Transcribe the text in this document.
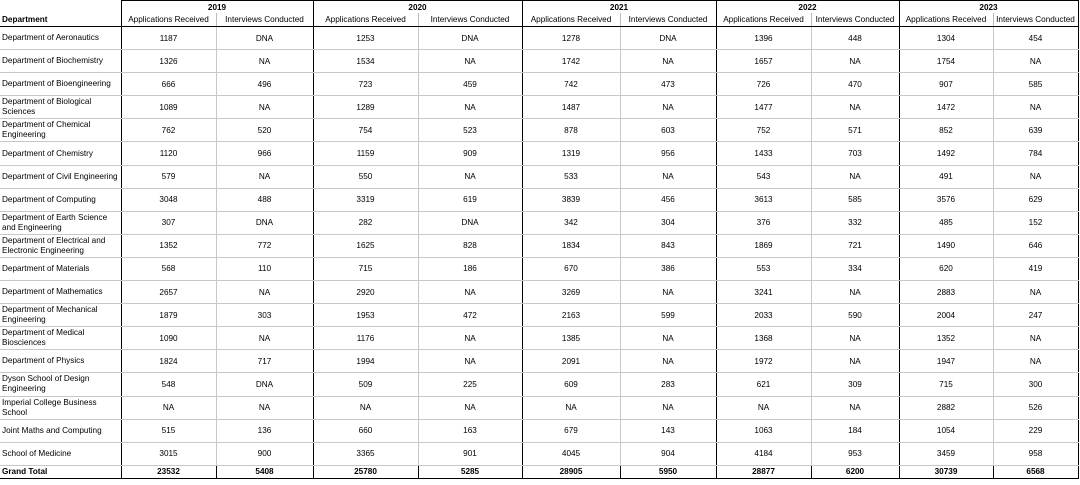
	2019		2020		2021		2022		2023	
Department	Applications Received	Interviews Conducted	Applications Received	Interviews Conducted	Applications Received	Interviews Conducted	Applications Received	Interviews Conducted	Applications Received	Interviews Conducted
Department of Aeronautics	1187	DNA	1253	DNA	1278	DNA	1396	448	1304	454
Department of Biochemistry	1326	NA	1534	NA	1742	NA	1657	NA	1754	NA
Department of Bioengineering	666	496	723	459	742	473	726	470	907	585
Department of Biological Sciences	1089	NA	1289	NA	1487	NA	1477	NA	1472	NA
Department of Chemical Engineering	762	520	754	523	878	603	752	571	852	639
Department of Chemistry	1120	966	1159	909	1319	956	1433	703	1492	784
Department of Civil Engineering	579	NA	550	NA	533	NA	543	NA	491	NA
Department of Computing	3048	488	3319	619	3839	456	3613	585	3576	629
Department of Earth Science and Engineering	307	DNA	282	DNA	342	304	376	332	485	152
Department of Electrical and Electronic Engineering	1352	772	1625	828	1834	843	1869	721	1490	646
Department of Materials	568	110	715	186	670	386	553	334	620	419
Department of Mathematics	2657	NA	2920	NA	3269	NA	3241	NA	2883	NA
Department of Mechanical Engineering	1879	303	1953	472	2163	599	2033	590	2004	247
Department of Medical Biosciences	1090	NA	1176	NA	1385	NA	1368	NA	1352	NA
Department of Physics	1824	717	1994	NA	2091	NA	1972	NA	1947	NA
Dyson School of Design Engineering	548	DNA	509	225	609	283	621	309	715	300
Imperial College Business School	NA	NA	NA	NA	NA	NA	NA	NA	2882	526
Joint Maths and Computing	515	136	660	163	679	143	1063	184	1054	229
School of Medicine	3015	900	3365	901	4045	904	4184	953	3459	958
Grand Total	23532	5408	25780	5285	28905	5950	28877	6200	30739	6568
